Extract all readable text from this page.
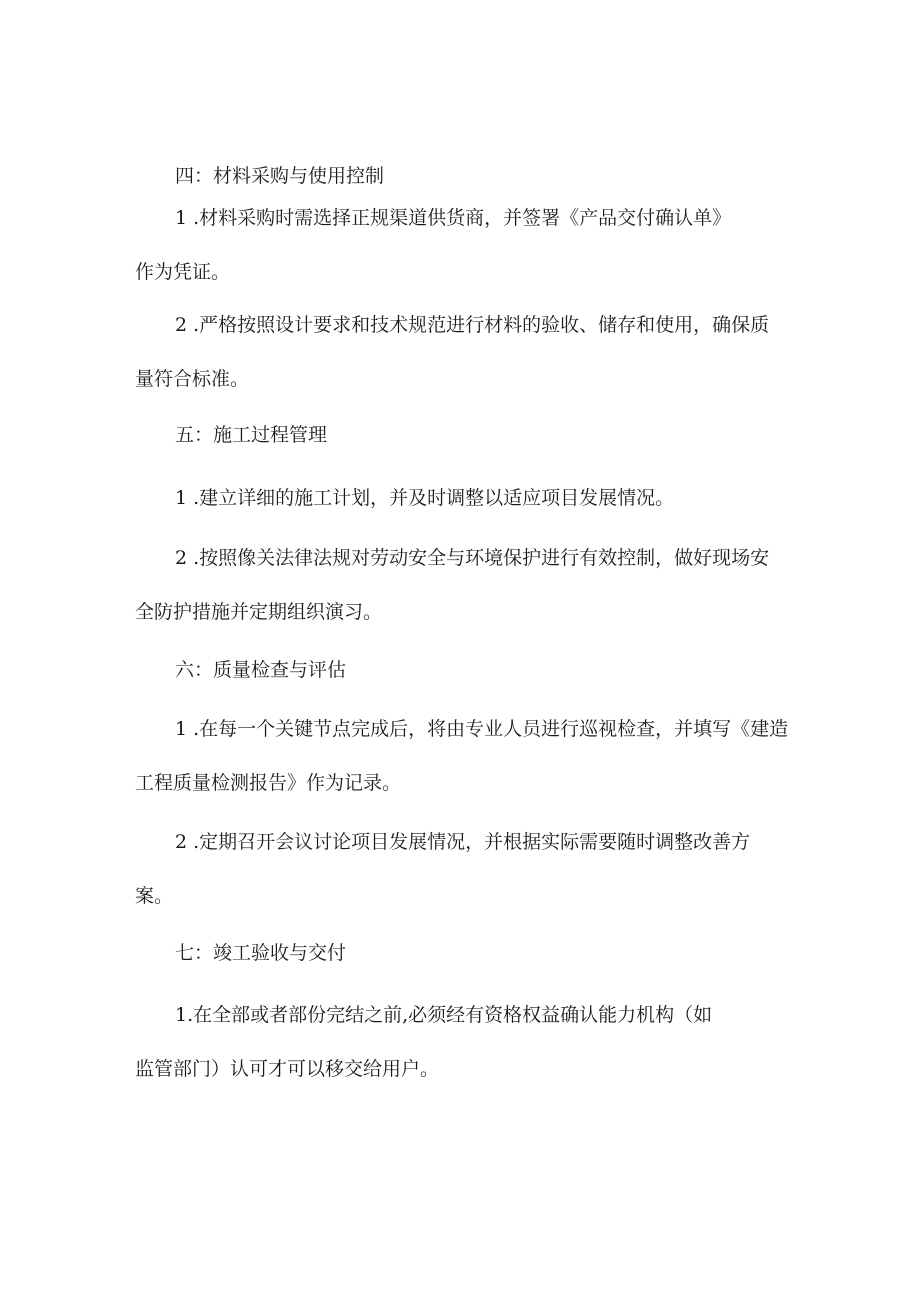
四：材料采购与使用控制
1 .材料采购时需选择正规渠道供货商，并签署《产品交付确认单》
作为凭证。
2 .严格按照设计要求和技术规范进行材料的验收、储存和使用，确保质
量符合标准。
五：施工过程管理
1 .建立详细的施工计划，并及时调整以适应项目发展情况。
2 .按照像关法律法规对劳动安全与环境保护进行有效控制，做好现场安
全防护措施并定期组织演习。
六：质量检查与评估
1 .在每一个关键节点完成后，将由专业人员进行巡视检查，并填写《建造
工程质量检测报告》作为记录。
2 .定期召开会议讨论项目发展情况，并根据实际需要随时调整改善方
案。
七：竣工验收与交付
1.在全部或者部份完结之前,必须经有资格权益确认能力机构（如
监管部门）认可才可以移交给用户。
